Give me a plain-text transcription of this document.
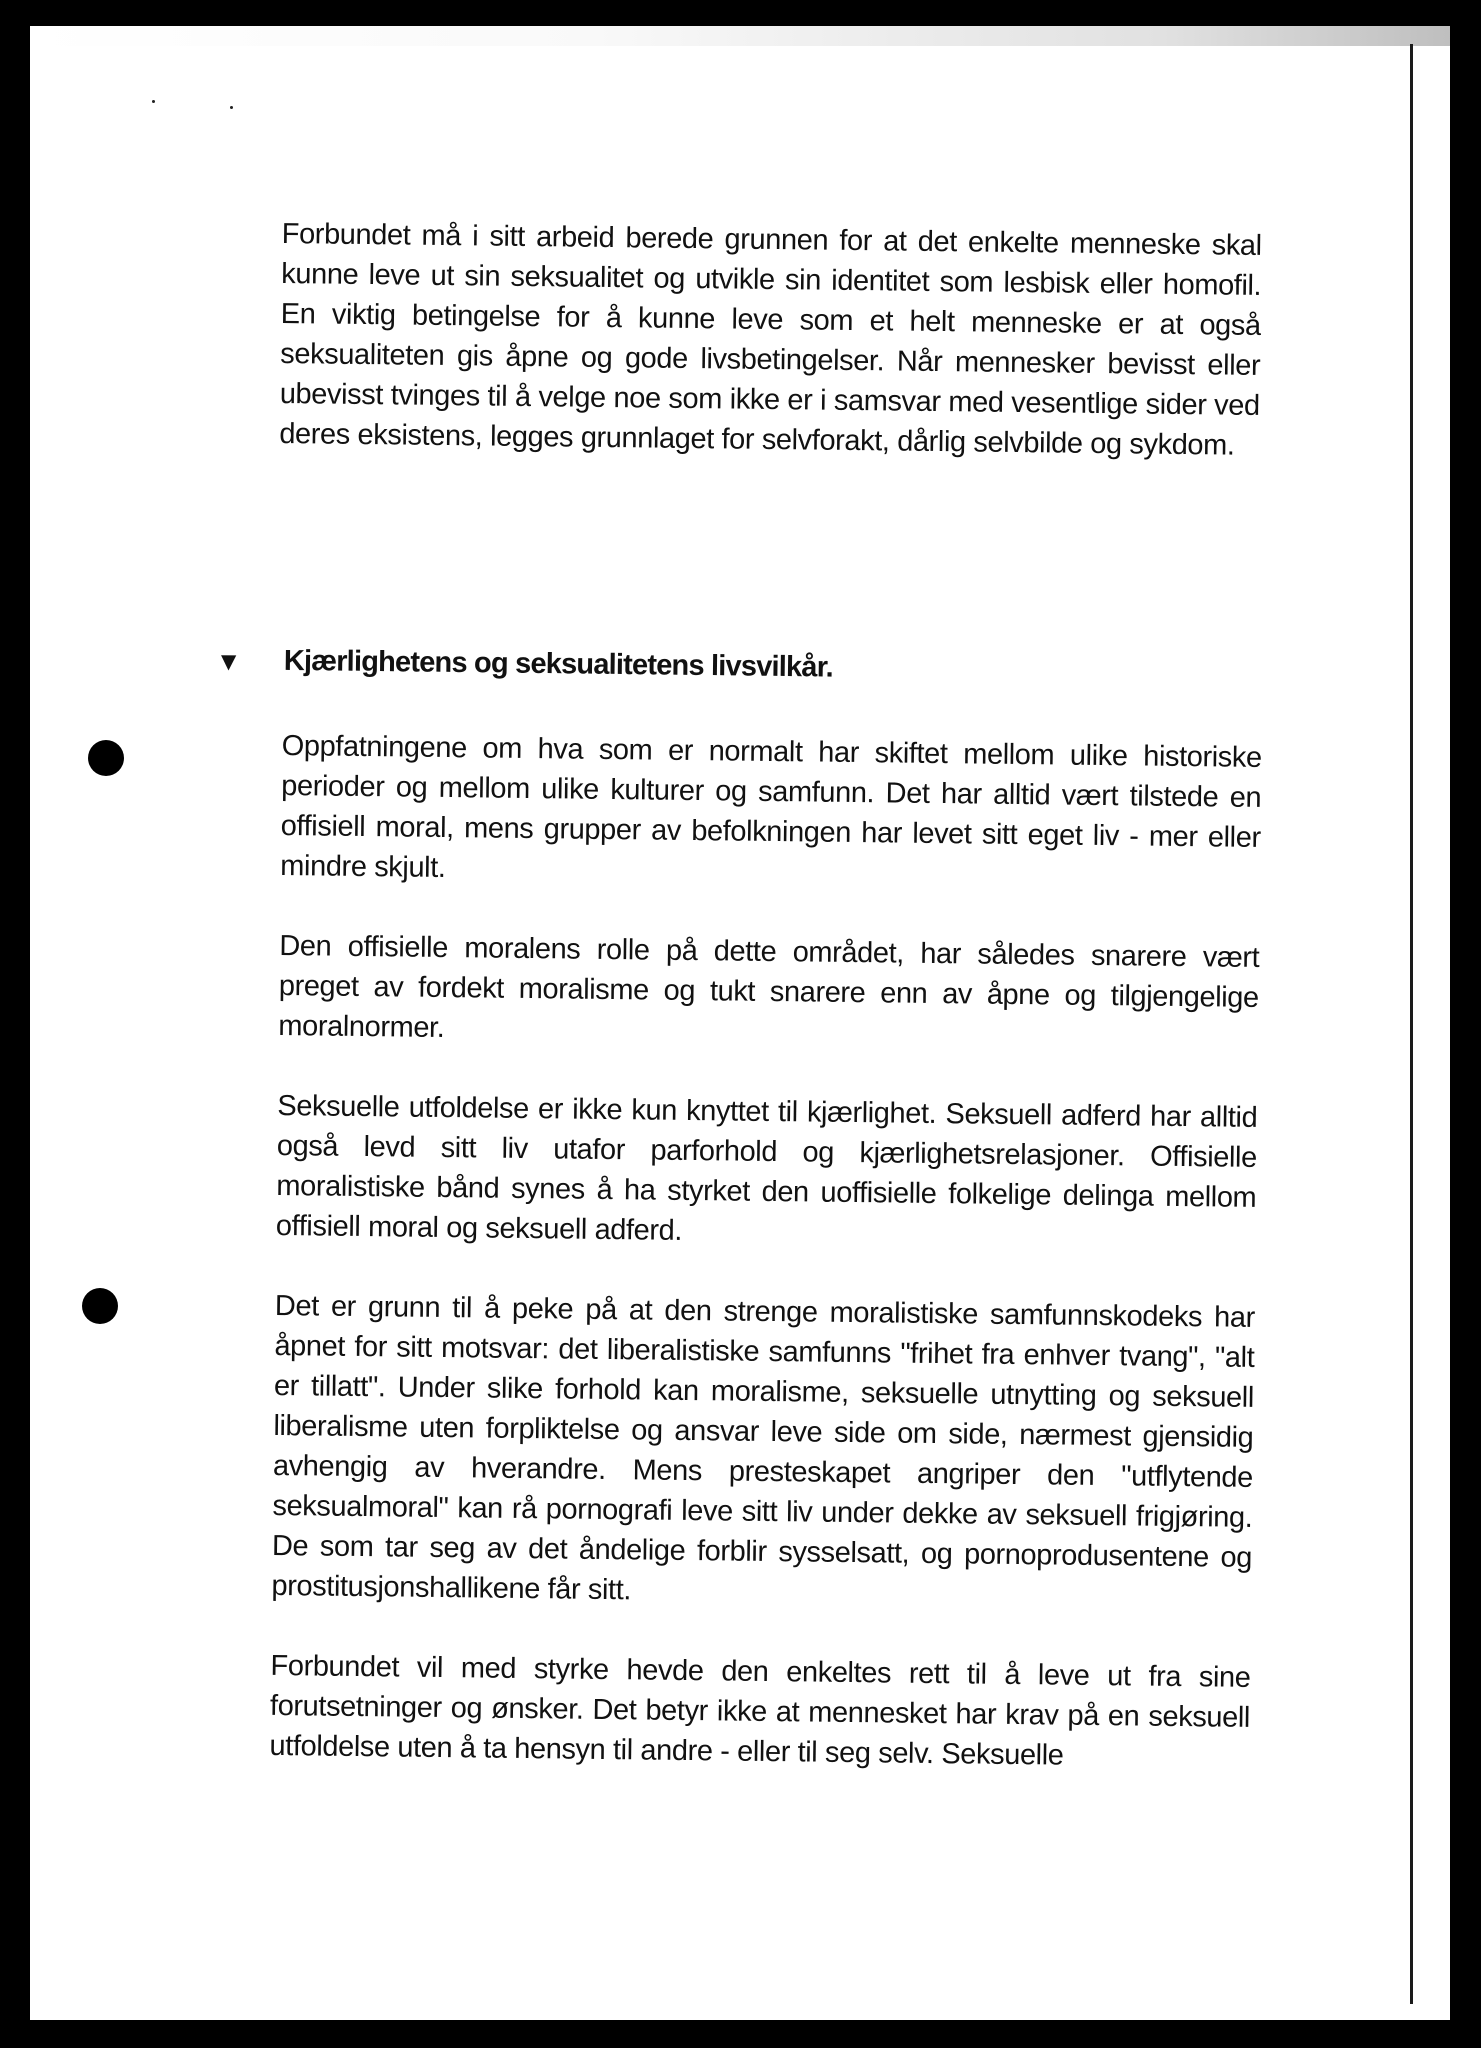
Forbundet må i sitt arbeid berede grunnen for at det enkelte menneske skal kunne leve ut sin seksualitet og utvikle sin identitet som lesbisk eller homofil. En viktig betingelse for å kunne leve som et helt menneske er at også seksualiteten gis åpne og gode livsbetingelser. Når mennesker bevisst eller ubevisst tvinges til å velge noe som ikke er i samsvar med vesentlige sider ved deres eksistens, legges grunnlaget for selvforakt, dårlig selvbilde og sykdom.

▼ Kjærlighetens og seksualitetens livsvilkår.

Oppfatningene om hva som er normalt har skiftet mellom ulike historiske perioder og mellom ulike kulturer og samfunn. Det har alltid vært tilstede en offisiell moral, mens grupper av befolkningen har levet sitt eget liv - mer eller mindre skjult.

Den offisielle moralens rolle på dette området, har således snarere vært preget av fordekt moralisme og tukt snarere enn av åpne og tilgjengelige moralnormer.

Seksuelle utfoldelse er ikke kun knyttet til kjærlighet. Seksuell adferd har alltid også levd sitt liv utafor parforhold og kjærlighetsrelasjoner. Offisielle moralistiske bånd synes å ha styrket den uoffisielle folkelige delinga mellom offisiell moral og seksuell adferd.

Det er grunn til å peke på at den strenge moralistiske samfunnskodeks har åpnet for sitt motsvar: det liberalistiske samfunns "frihet fra enhver tvang", "alt er tillatt". Under slike forhold kan moralisme, seksuelle utnytting og seksuell liberalisme uten forpliktelse og ansvar leve side om side, nærmest gjensidig avhengig av hverandre. Mens presteskapet angriper den "utflytende seksualmoral" kan rå pornografi leve sitt liv under dekke av seksuell frigjøring. De som tar seg av det åndelige forblir sysselsatt, og pornoprodusentene og prostitusjonshallikene får sitt.

Forbundet vil med styrke hevde den enkeltes rett til å leve ut fra sine forutsetninger og ønsker. Det betyr ikke at mennesket har krav på en seksuell utfoldelse uten å ta hensyn til andre - eller til seg selv. Seksuelle
